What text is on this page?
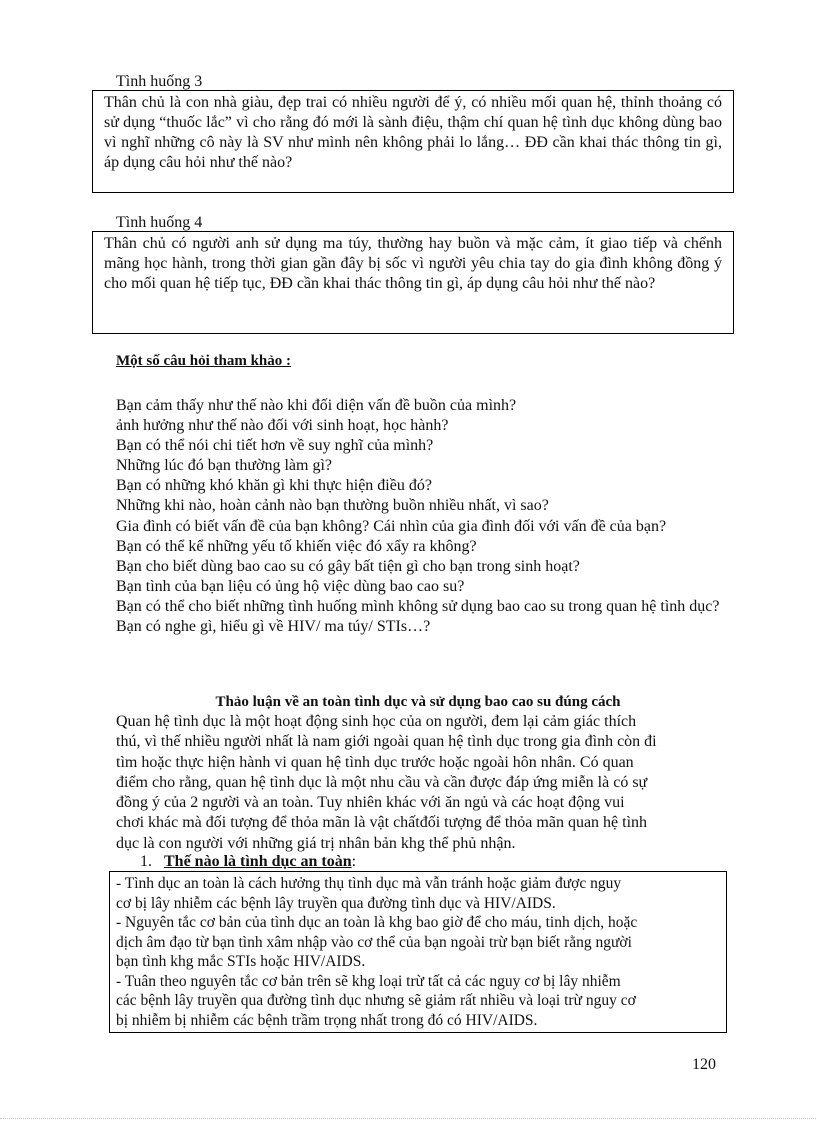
Tình huống 3

Thân chủ là con nhà giàu, đẹp trai có nhiều người để ý, có nhiều mối quan hệ, thỉnh thoảng có sử dụng “thuốc lắc” vì cho rằng đó mới là sành điệu, thậm chí quan hệ tình dục không dùng bao vì nghĩ những cô này là SV như mình nên không phải lo lắng… ĐĐ cần khai thác thông tin gì, áp dụng câu hỏi như thế nào?

Tình huống 4

Thân chủ có người anh sử dụng ma túy, thường hay buồn và mặc cảm, ít giao tiếp và chểnh mãng học hành, trong thời gian gần đây bị sốc vì người yêu chia tay do gia đình không đồng ý cho mối quan hệ tiếp tục, ĐĐ cần khai thác thông tin gì, áp dụng câu hỏi như thế nào?

Một số câu hỏi tham khảo :
Bạn cảm thấy như thế nào khi đối diện vấn đề buồn của mình?
ảnh hưởng như thế nào đối với sinh hoạt, học hành?
Bạn có thể nói chi tiết hơn về suy nghĩ của mình?
Những lúc đó bạn thường làm gì?
Bạn có những khó khăn gì khi thực hiện điều đó?
Những khi nào, hoàn cảnh nào bạn thường buồn nhiều nhất, vì sao?
Gia đình có biết vấn đề của bạn không? Cái nhìn của gia đình đối với vấn đề của bạn?
Bạn có thể kể những yếu tố khiến việc đó xẩy ra không?
Bạn cho biết dùng bao cao su có gây bất tiện gì cho bạn trong sinh hoạt?
Bạn tình của bạn liệu có ủng hộ việc dùng bao cao su?
Bạn có thể cho biết những tình huống mình không sử dụng bao cao su trong quan hệ tình dục?
Bạn có nghe gì, hiểu gì về HIV/ ma túy/ STIs…?
Thảo luận về an toàn tình dục và sử dụng bao cao su đúng cách
Quan hệ tình dục là một hoạt động sinh học của on người, đem lại cảm giác thích
thú, vì thế nhiều người nhất là nam giới ngoài quan hệ tình dục trong gia đình còn đi
tìm hoặc thực hiện hành vi quan hệ tình dục trước hoặc ngoài hôn nhân. Có quan
điểm cho rằng, quan hệ tình dục là một nhu cầu và cần được đáp ứng miễn là có sự
đồng ý của 2 người và an toàn. Tuy nhiên khác với ăn ngủ và các hoạt động vui
chơi khác mà đối tượng để thỏa mãn là vật chấtđối tượng để thỏa mãn quan hệ tình
dục là con người với những giá trị nhân bản khg thể phủ nhận.
1. Thế nào là tình dục an toàn:

- Tình dục an toàn là cách hưởng thụ tình dục mà vẫn tránh hoặc giảm được nguy

cơ bị lây nhiễm các bệnh lây truyền qua đường tình dục và HIV/AIDS.

- Nguyên tắc cơ bản của tình dục an toàn là khg bao giờ để cho máu, tinh dịch, hoặc

dịch âm đạo từ bạn tình xâm nhập vào cơ thể của bạn ngoài trừ bạn biết rằng người

bạn tình khg mắc STIs hoặc HIV/AIDS.

- Tuân theo nguyên tắc cơ bản trên sẽ khg loại trừ tất cả các nguy cơ bị lây nhiễm

các bệnh lây truyền qua đường tình dục nhưng sẽ giảm rất nhiều và loại trừ nguy cơ

bị nhiễm bị nhiễm các bệnh trầm trọng nhất trong đó có HIV/AIDS.

120
